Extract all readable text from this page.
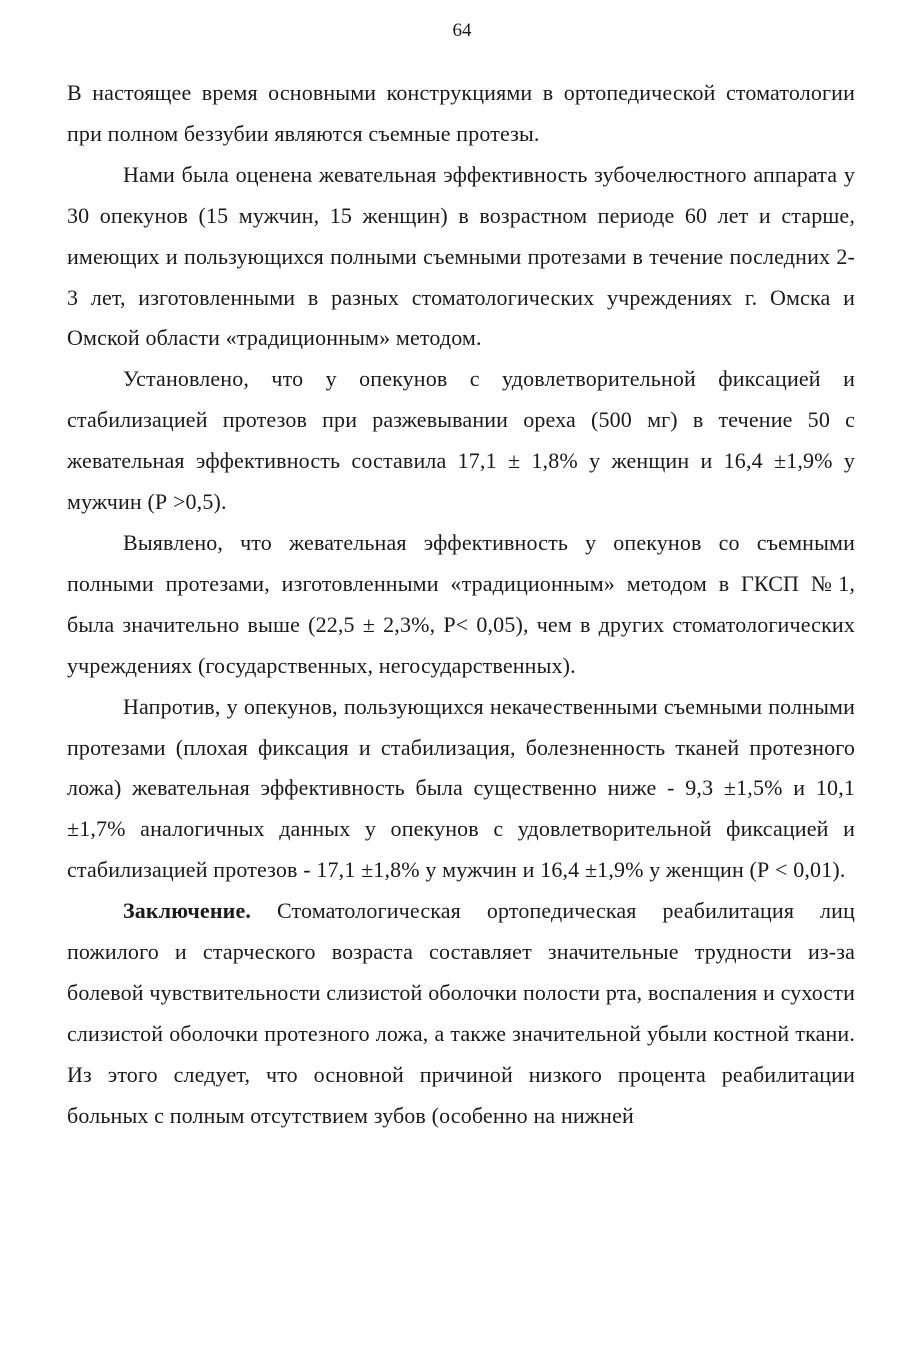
64

В настоящее время основными конструкциями в ортопедической стоматологии при полном беззубии являются съемные протезы.

Нами была оценена жевательная эффективность зубочелюстного аппарата у 30 опекунов (15 мужчин, 15 женщин) в возрастном периоде 60 лет и старше, имеющих и пользующихся полными съемными протезами в течение последних 2-3 лет, изготовленными в разных стоматологических учреждениях г. Омска и Омской области «традиционным» методом.

Установлено, что у опекунов с удовлетворительной фиксацией и стабилизацией протезов при разжевывании ореха (500 мг) в течение 50 с жевательная эффективность составила 17,1 ± 1,8% у женщин и 16,4 ±1,9% у мужчин (Р >0,5).

Выявлено, что жевательная эффективность у опекунов со съемными полными протезами, изготовленными «традиционным» методом в ГКСП №1, была значительно выше (22,5 ± 2,3%, Р< 0,05), чем в других стоматологических учреждениях (государственных, негосударственных).

Напротив, у опекунов, пользующихся некачественными съемными полными протезами (плохая фиксация и стабилизация, болезненность тканей протезного ложа) жевательная эффективность была существенно ниже - 9,3 ±1,5% и 10,1 ±1,7% аналогичных данных у опекунов с удовлетворительной фиксацией и стабилизацией протезов - 17,1 ±1,8% у мужчин и 16,4 ±1,9% у женщин (Р < 0,01).

Заключение. Стоматологическая ортопедическая реабилитация лиц пожилого и старческого возраста составляет значительные трудности из-за болевой чувствительности слизистой оболочки полости рта, воспаления и сухости слизистой оболочки протезного ложа, а также значительной убыли костной ткани. Из этого следует, что основной причиной низкого процента реабилитации больных с полным отсутствием зубов (особенно на нижней
